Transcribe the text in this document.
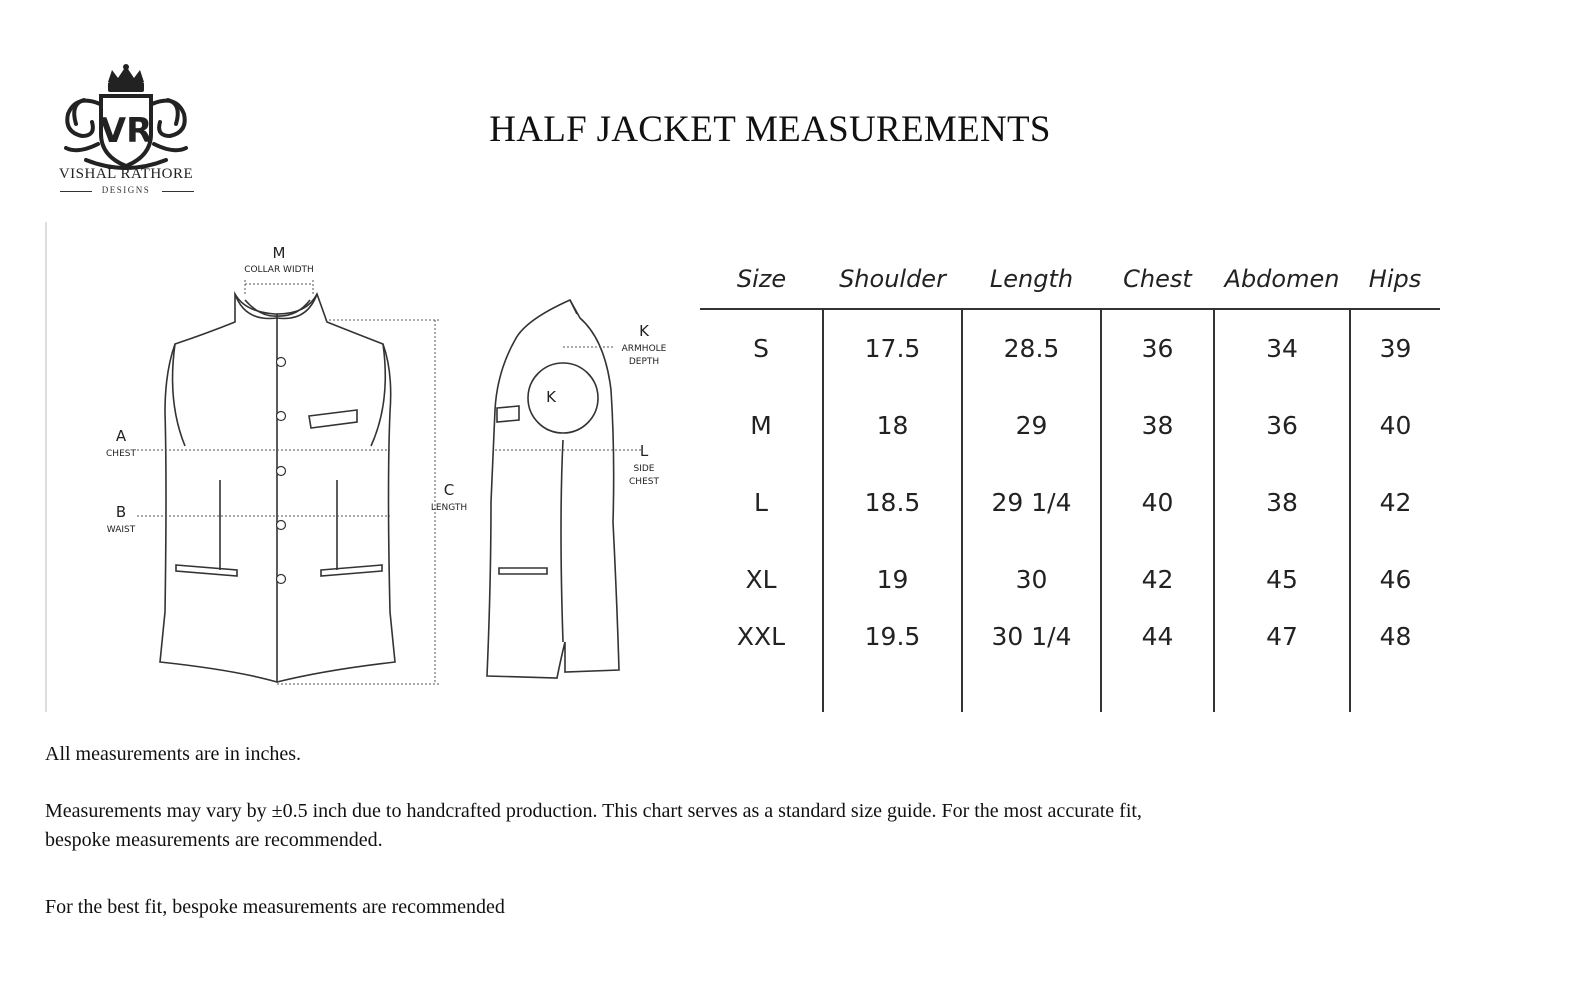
VR
VISHAL RATHORE
DESIGNS
HALF JACKET MEASUREMENTS
M
COLLAR WIDTH
A
CHEST
B
WAIST
C
LENGTH
K
ARMHOLE
DEPTH
K
L
SIDE
CHEST
Size	Shoulder	Length	Chest	Abdomen	Hips
S	17.5	28.5	36	34	39
M	18	29	38	36	40
L	18.5	29 1/4	40	38	42
XL	19	30	42	45	46
XXL	19.5	30 1/4	44	47	48

All measurements are in inches.

Measurements may vary by ±0.5 inch due to handcrafted production. This chart serves as a standard size guide. For the most accurate fit, bespoke measurements are recommended.

For the best fit, bespoke measurements are recommended
